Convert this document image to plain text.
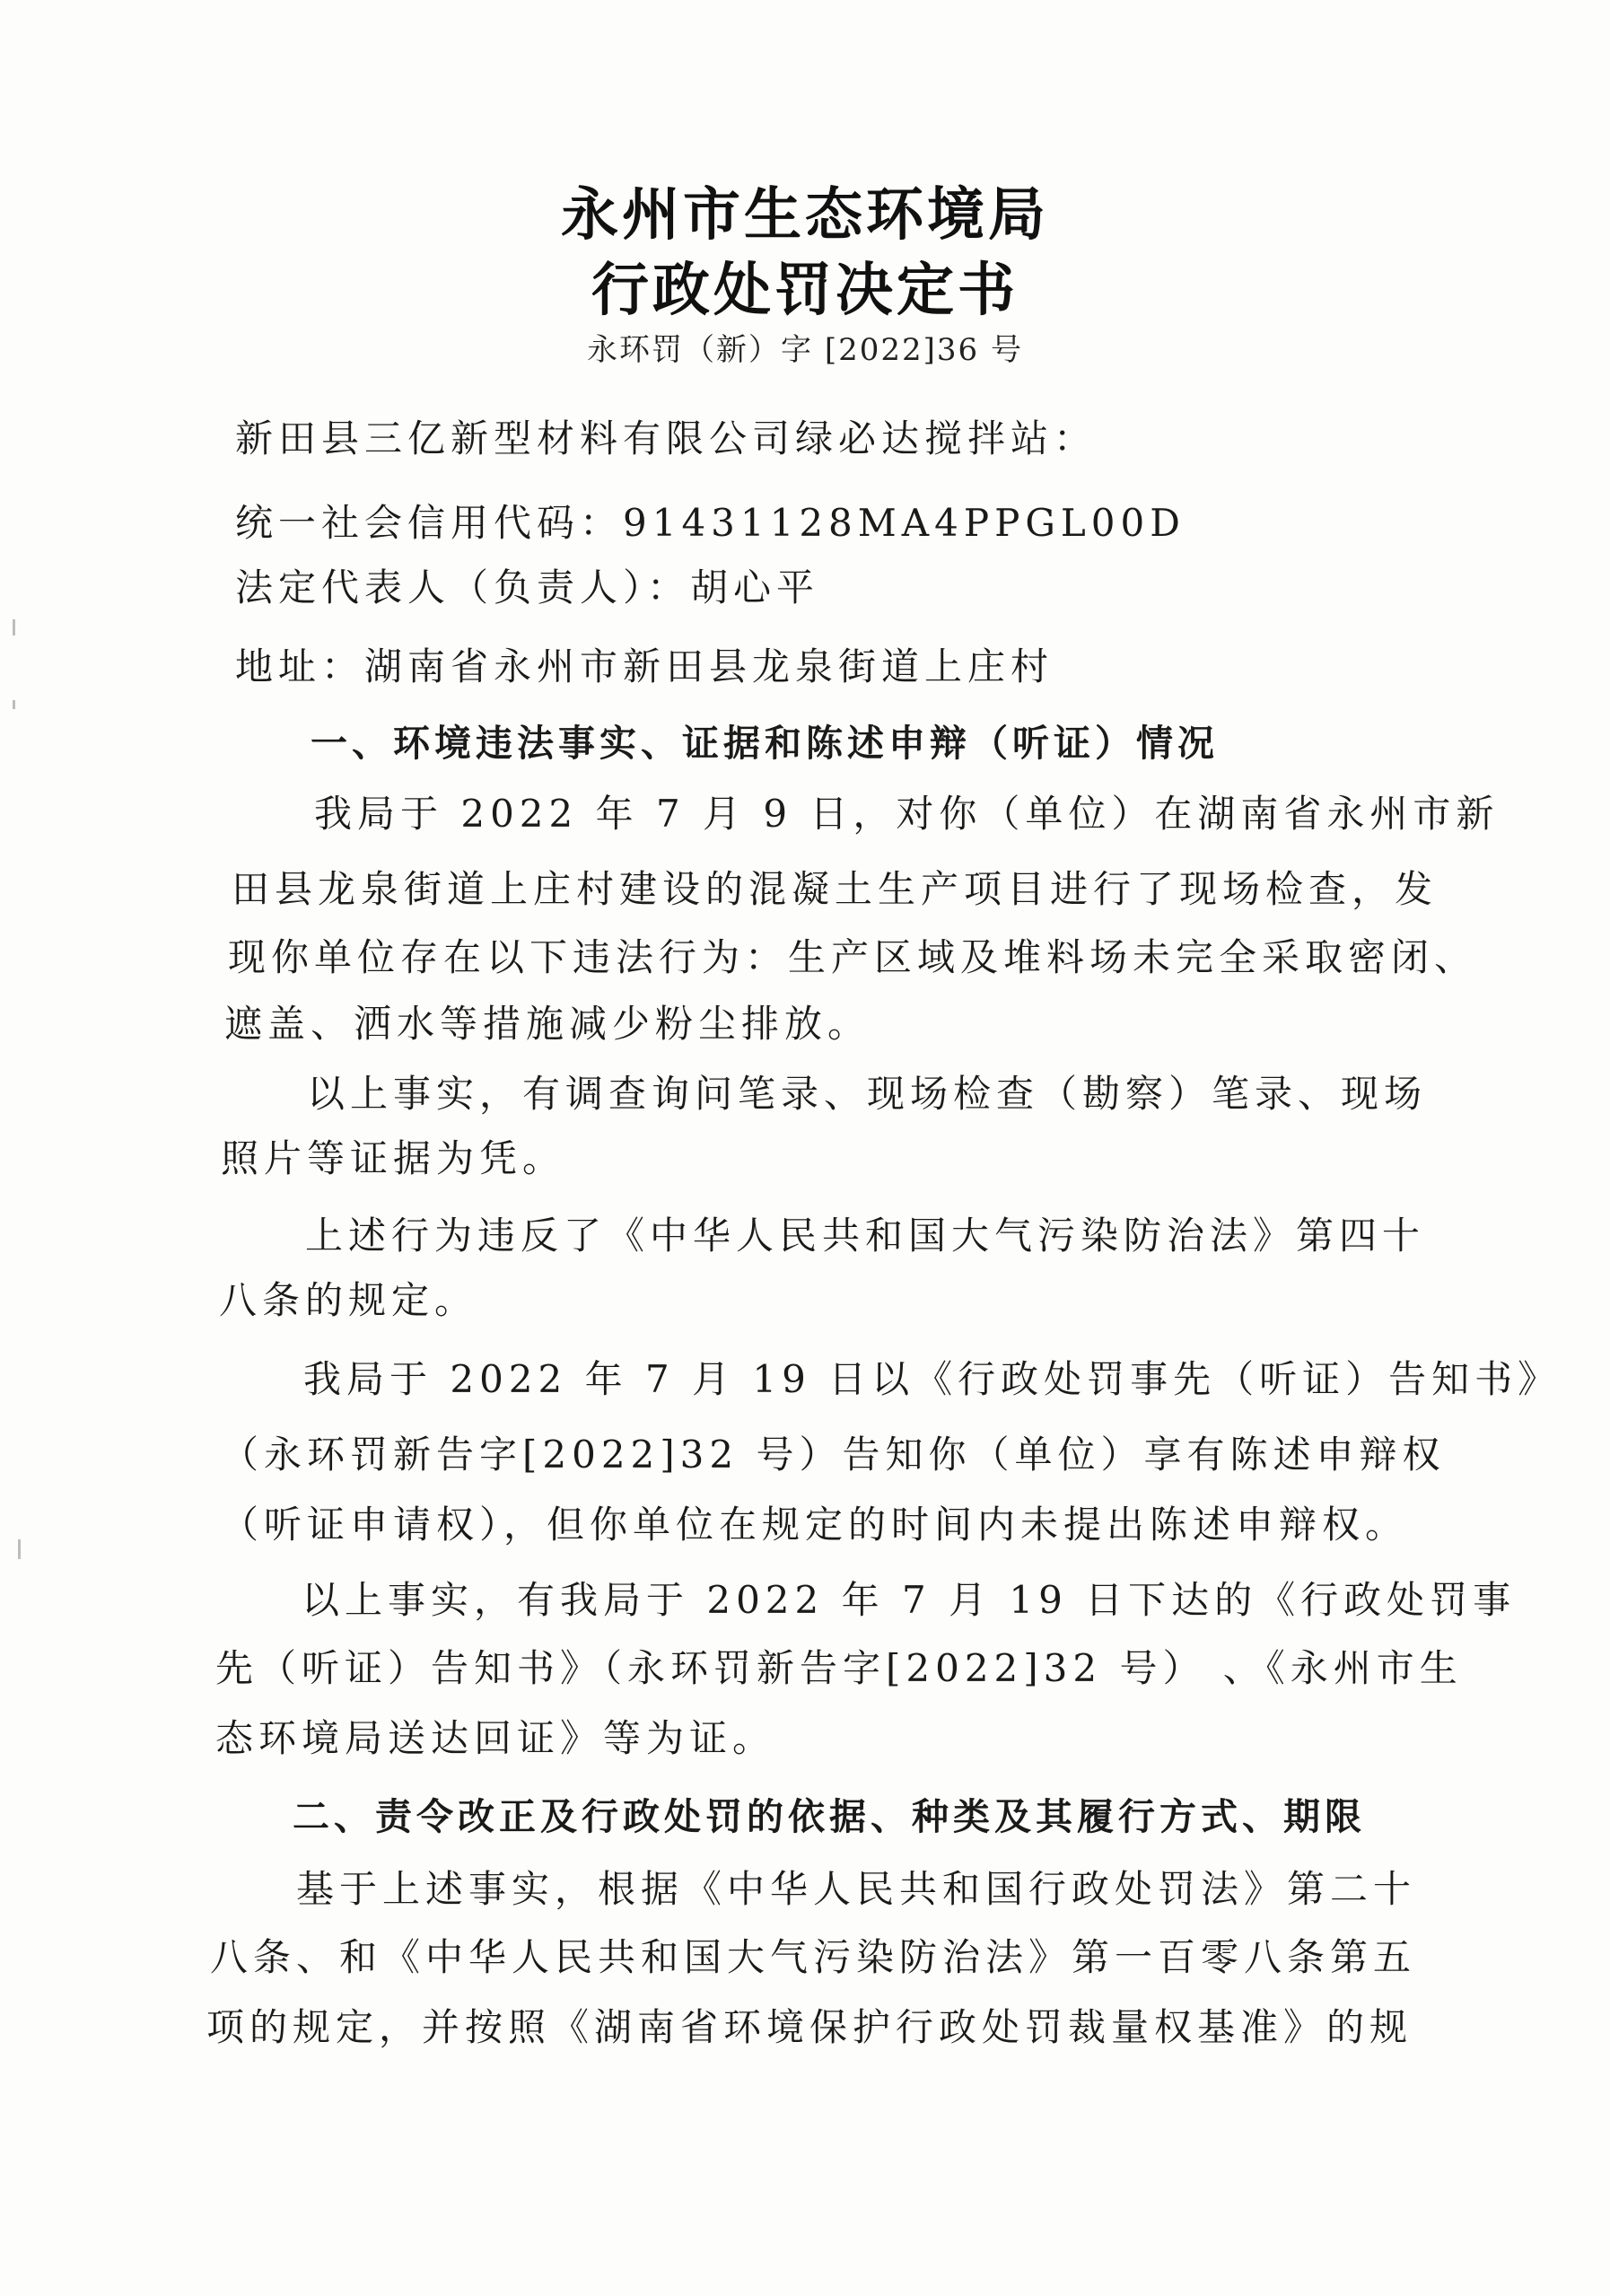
永州市生态环境局
行政处罚决定书
永环罚（新）字 [2022]36 号
新田县三亿新型材料有限公司绿必达搅拌站：
统一社会信用代码：91431128MA4PPGL00D
法定代表人（负责人）：胡心平
地址：湖南省永州市新田县龙泉街道上庄村
一、环境违法事实、证据和陈述申辩（听证）情况
我局于 2022 年 7 月 9 日，对你（单位）在湖南省永州市新
田县龙泉街道上庄村建设的混凝土生产项目进行了现场检查，发
现你单位存在以下违法行为：生产区域及堆料场未完全采取密闭、
遮盖、洒水等措施减少粉尘排放。
以上事实，有调查询问笔录、现场检查（勘察）笔录、现场
照片等证据为凭。
上述行为违反了《中华人民共和国大气污染防治法》第四十
八条的规定。
我局于 2022 年 7 月 19 日以《行政处罚事先（听证）告知书》
（永环罚新告字[2022]32 号）告知你（单位）享有陈述申辩权
（听证申请权），但你单位在规定的时间内未提出陈述申辩权。
以上事实，有我局于 2022 年 7 月 19 日下达的《行政处罚事
先（听证）告知书》（永环罚新告字[2022]32 号） 、《永州市生
态环境局送达回证》等为证。
二、责令改正及行政处罚的依据、种类及其履行方式、期限
基于上述事实，根据《中华人民共和国行政处罚法》第二十
八条、和《中华人民共和国大气污染防治法》第一百零八条第五
项的规定，并按照《湖南省环境保护行政处罚裁量权基准》的规
